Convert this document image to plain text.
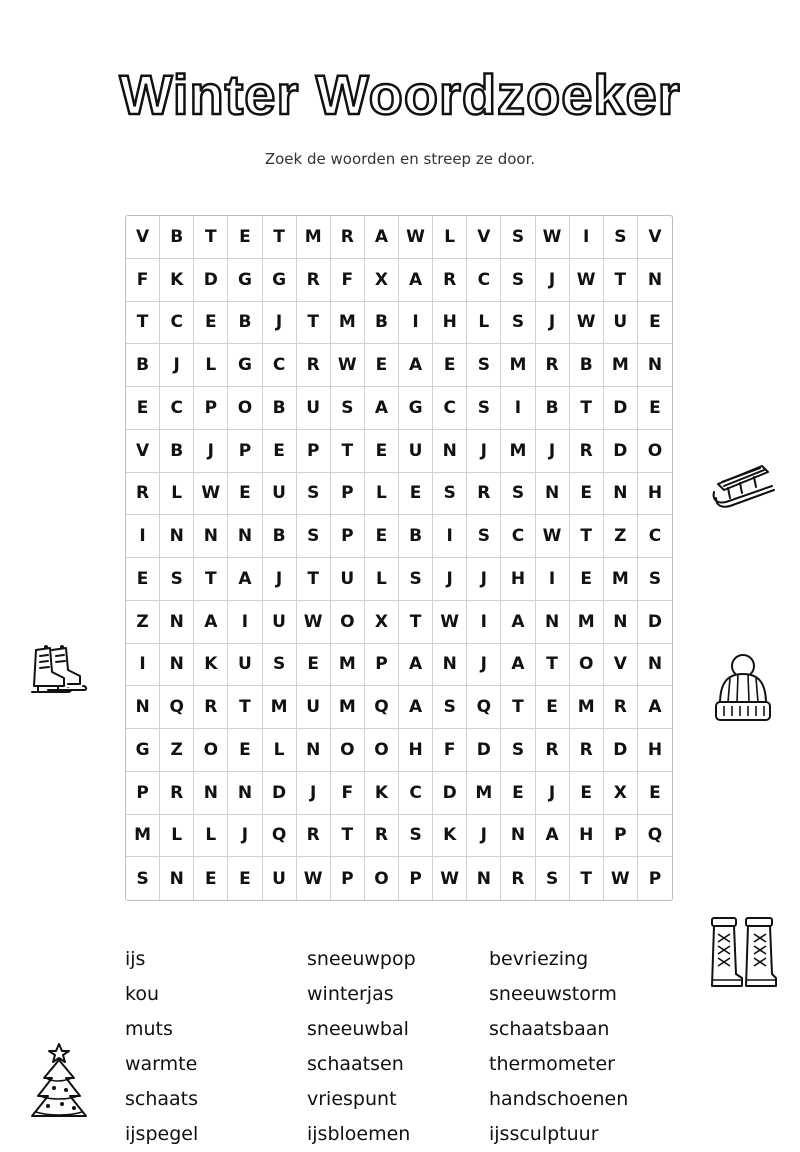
Winter Woordzoeker
Zoek de woorden en streep ze door.
V	B	T	E	T	M	R	A	W	L	V	S	W	I	S	V
F	K	D	G	G	R	F	X	A	R	C	S	J	W	T	N
T	C	E	B	J	T	M	B	I	H	L	S	J	W	U	E
B	J	L	G	C	R	W	E	A	E	S	M	R	B	M	N
E	C	P	O	B	U	S	A	G	C	S	I	B	T	D	E
V	B	J	P	E	P	T	E	U	N	J	M	J	R	D	O
R	L	W	E	U	S	P	L	E	S	R	S	N	E	N	H
I	N	N	N	B	S	P	E	B	I	S	C	W	T	Z	C
E	S	T	A	J	T	U	L	S	J	J	H	I	E	M	S
Z	N	A	I	U	W	O	X	T	W	I	A	N	M	N	D
I	N	K	U	S	E	M	P	A	N	J	A	T	O	V	N
N	Q	R	T	M	U	M	Q	A	S	Q	T	E	M	R	A
G	Z	O	E	L	N	O	O	H	F	D	S	R	R	D	H
P	R	N	N	D	J	F	K	C	D	M	E	J	E	X	E
M	L	L	J	Q	R	T	R	S	K	J	N	A	H	P	Q
S	N	E	E	U	W	P	O	P	W	N	R	S	T	W	P
ijs	sneeuwpop	bevriezing
kou	winterjas	sneeuwstorm
muts	sneeuwbal	schaatsbaan
warmte	schaatsen	thermometer
schaats	vriespunt	handschoenen
ijspegel	ijsbloemen	ijssculptuur
